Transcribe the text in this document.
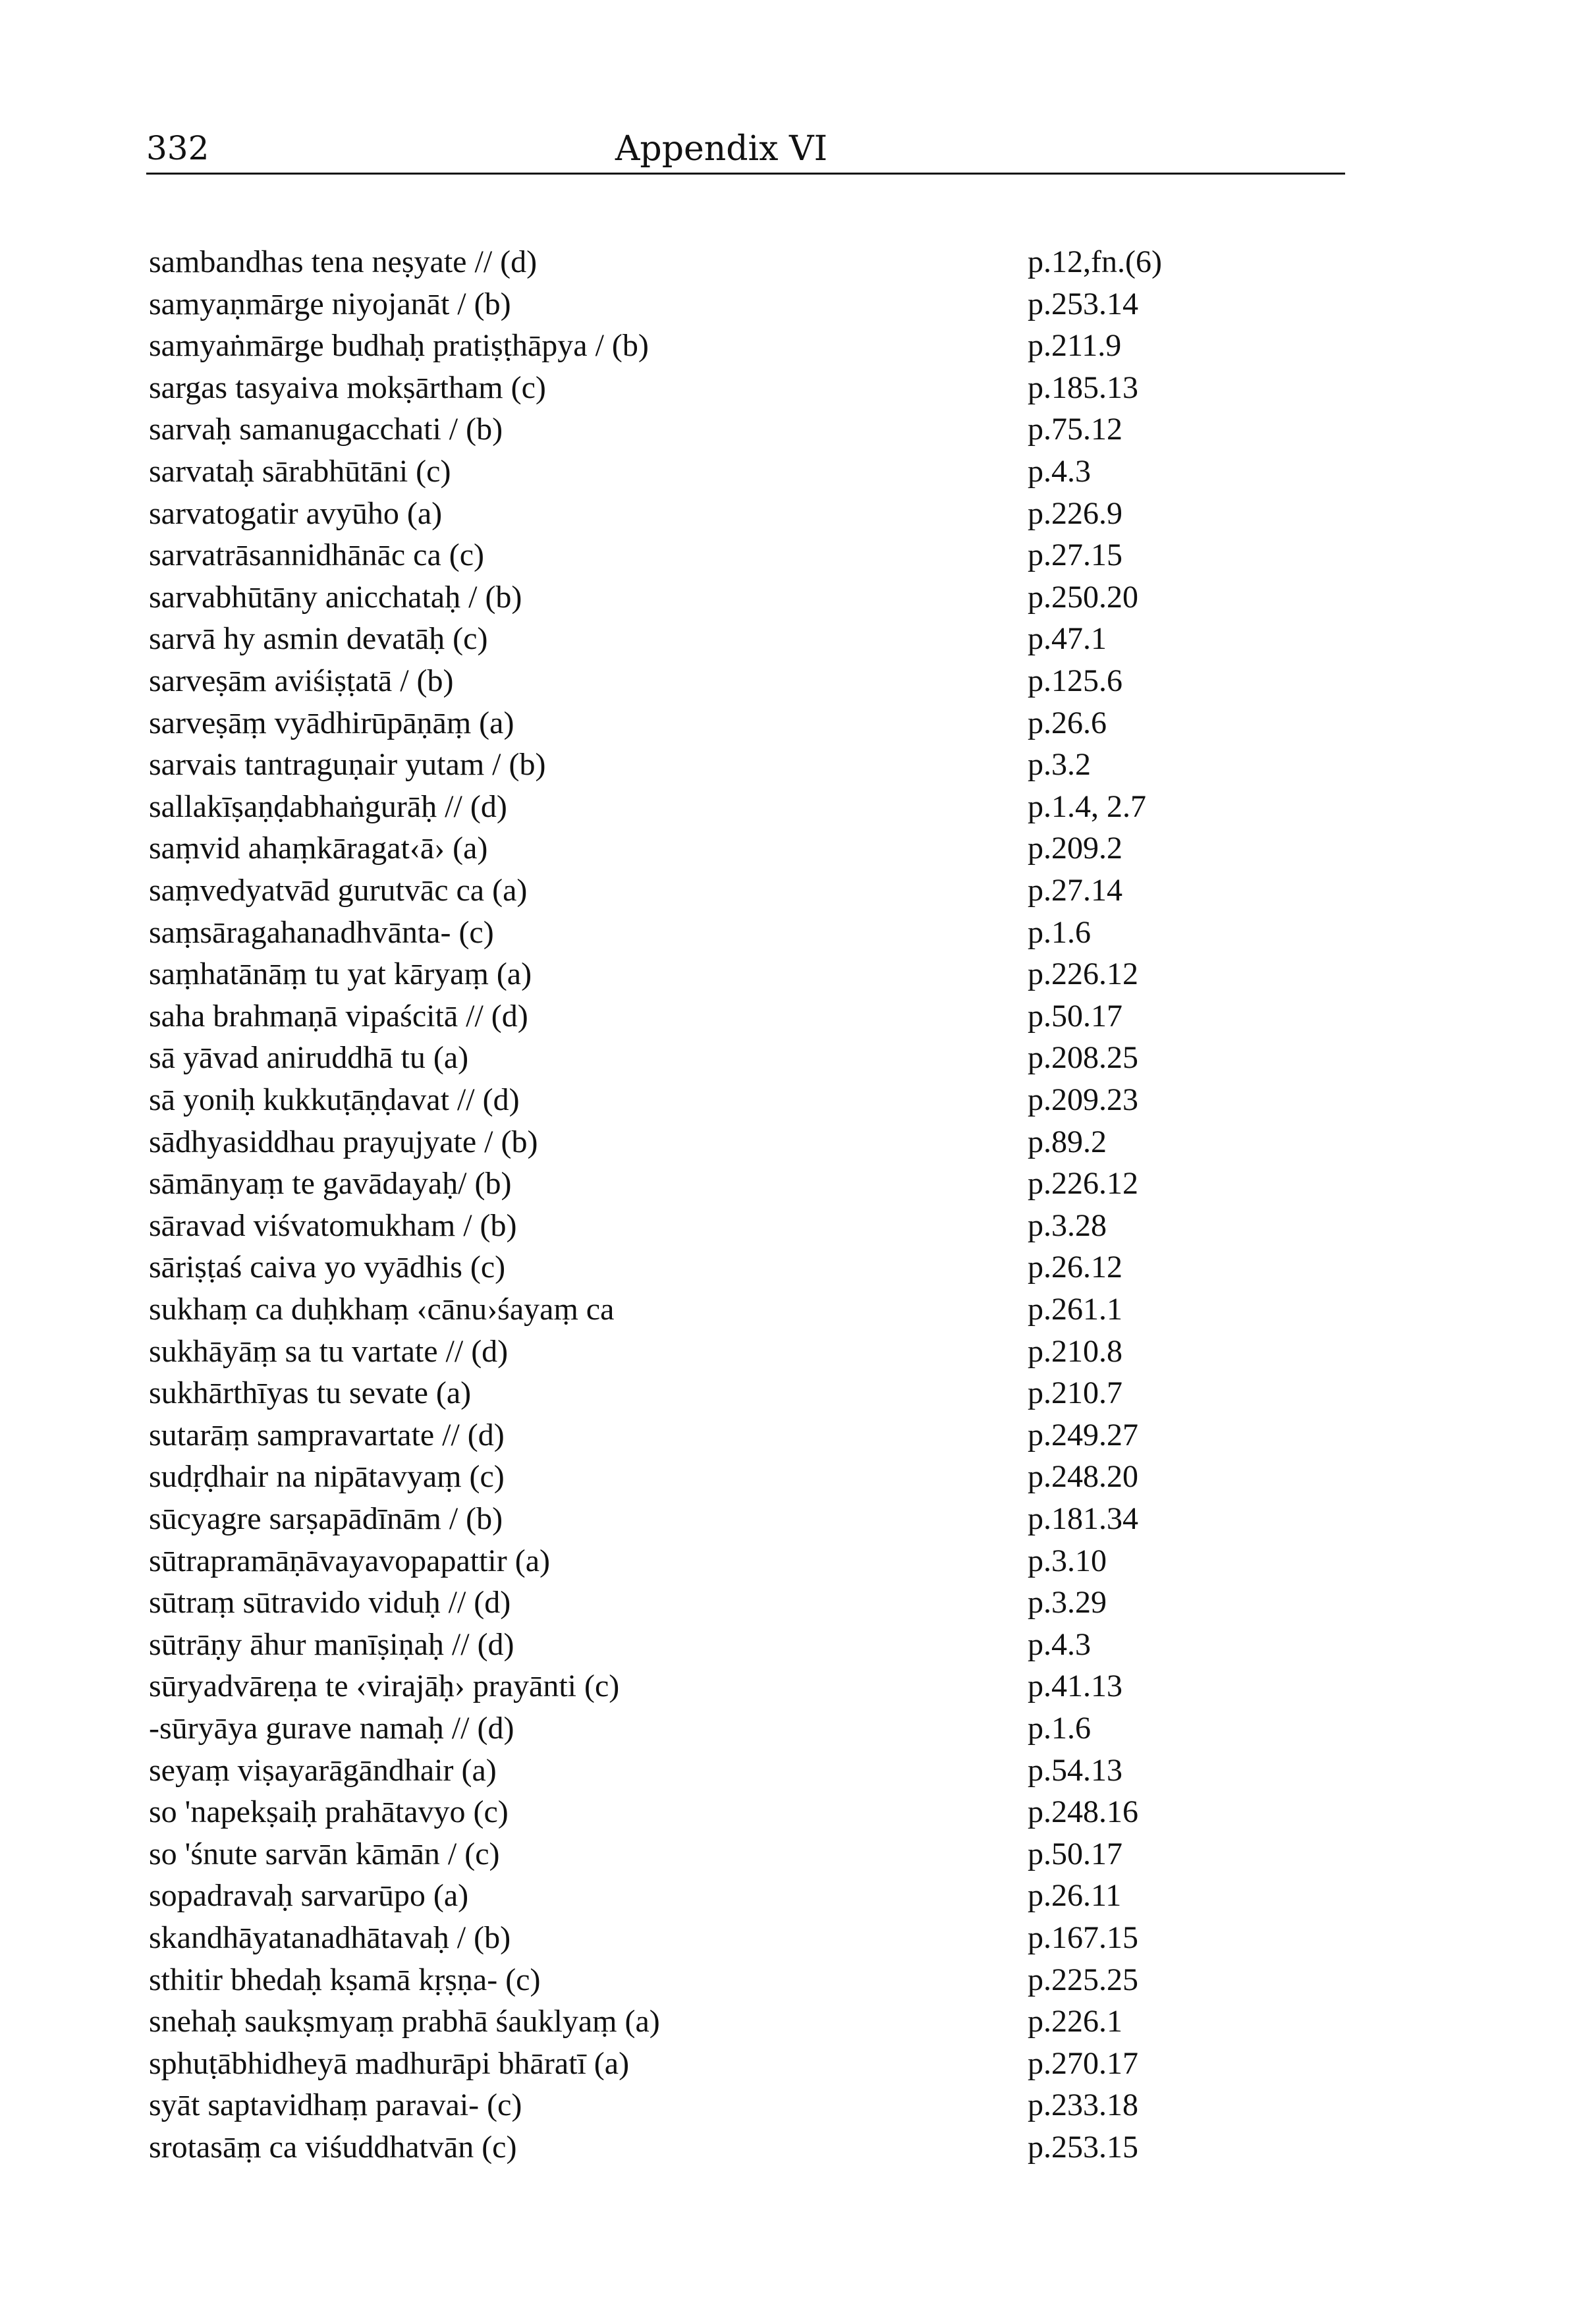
332	Appendix VI
sambandhas tena neṣyate // (d)	p.12,fn.(6)
samyaṇmārge niyojanāt / (b)	p.253.14
samyaṅmārge budhaḥ pratiṣṭhāpya / (b)	p.211.9
sargas tasyaiva mokṣārtham (c)	p.185.13
sarvaḥ samanugacchati / (b)	p.75.12
sarvataḥ sārabhūtāni (c)	p.4.3
sarvatogatir avyūho (a)	p.226.9
sarvatrāsannidhānāc ca (c)	p.27.15
sarvabhūtāny anicchataḥ / (b)	p.250.20
sarvā hy asmin devatāḥ (c)	p.47.1
sarveṣām aviśiṣṭatā / (b)	p.125.6
sarveṣāṃ vyādhirūpāṇāṃ (a)	p.26.6
sarvais tantraguṇair yutam / (b)	p.3.2
sallakīṣaṇḍabhaṅgurāḥ // (d)	p.1.4, 2.7
saṃvid ahaṃkāragat‹ā› (a)	p.209.2
saṃvedyatvād gurutvāc ca (a)	p.27.14
saṃsāragahanadhvānta- (c)	p.1.6
saṃhatānāṃ tu yat kāryaṃ (a)	p.226.12
saha brahmaṇā vipaścitā // (d)	p.50.17
sā yāvad aniruddhā tu (a)	p.208.25
sā yoniḥ kukkuṭāṇḍavat // (d)	p.209.23
sādhyasiddhau prayujyate / (b)	p.89.2
sāmānyaṃ te gavādayaḥ/ (b)	p.226.12
sāravad viśvatomukham / (b)	p.3.28
sāriṣṭaś caiva yo vyādhis (c)	p.26.12
sukhaṃ ca duḥkhaṃ ‹cānu›śayaṃ ca	p.261.1
sukhāyāṃ sa tu vartate // (d)	p.210.8
sukhārthīyas tu sevate (a)	p.210.7
sutarāṃ sampravartate // (d)	p.249.27
sudṛḍhair na nipātavyaṃ (c)	p.248.20
sūcyagre sarṣapādīnām / (b)	p.181.34
sūtrapramāṇāvayavopapattir (a)	p.3.10
sūtraṃ sūtravido viduḥ // (d)	p.3.29
sūtrāṇy āhur manīṣiṇaḥ // (d)	p.4.3
sūryadvāreṇa te ‹virajāḥ› prayānti (c)	p.41.13
-sūryāya gurave namaḥ // (d)	p.1.6
seyaṃ viṣayarāgāndhair (a)	p.54.13
so 'napekṣaiḥ prahātavyo (c)	p.248.16
so 'śnute sarvān kāmān / (c)	p.50.17
sopadravaḥ sarvarūpo (a)	p.26.11
skandhāyatanadhātavaḥ / (b)	p.167.15
sthitir bhedaḥ kṣamā kṛṣṇa- (c)	p.225.25
snehaḥ saukṣmyaṃ prabhā śauklyaṃ (a)	p.226.1
sphuṭābhidheyā madhurāpi bhāratī (a)	p.270.17
syāt saptavidhaṃ paravai- (c)	p.233.18
srotasāṃ ca viśuddhatvān (c)	p.253.15
